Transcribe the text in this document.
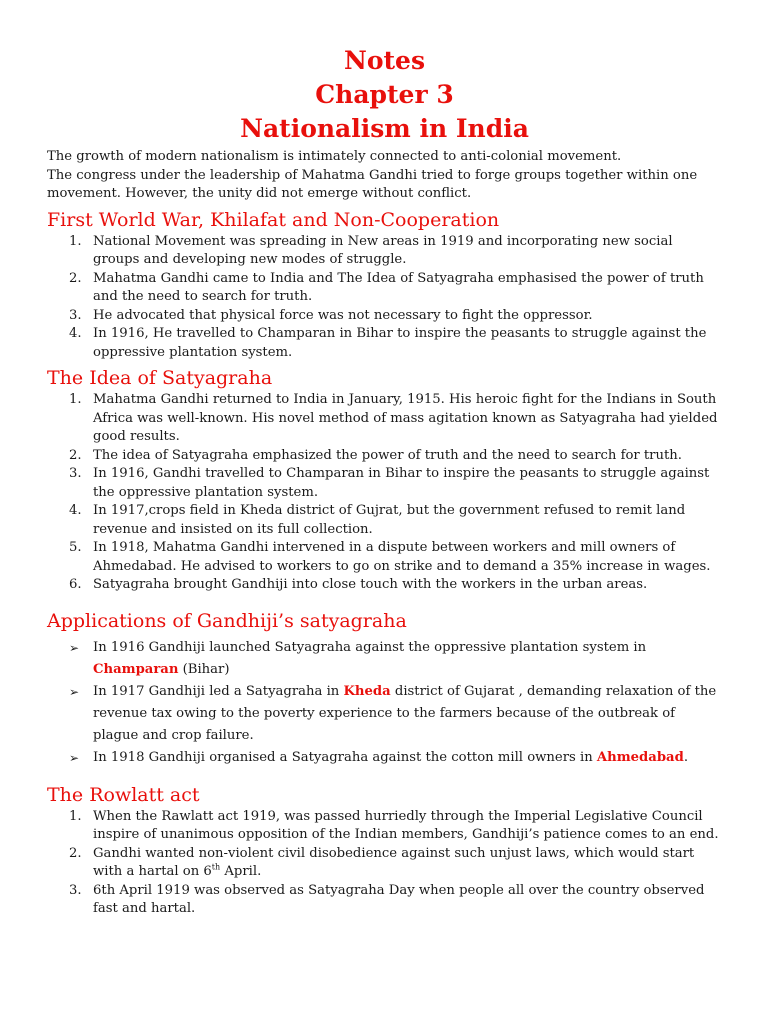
Notes
Chapter 3
Nationalism in India

The growth of modern nationalism is intimately connected to anti-colonial movement.

The congress under the leadership of Mahatma Gandhi tried to forge groups together within one movement. However, the unity did not emerge without conflict.

First World War, Khilafat and Non-Cooperation
1. National Movement was spreading in New areas in 1919 and incorporating new social groups and developing new modes of struggle.
2. Mahatma Gandhi came to India and The Idea of Satyagraha emphasised the power of truth and the need to search for truth.
3. He advocated that physical force was not necessary to fight the oppressor.
4. In 1916, He travelled to Champaran in Bihar to inspire the peasants to struggle against the oppressive plantation system.
The Idea of Satyagraha
1. Mahatma Gandhi returned to India in January, 1915. His heroic fight for the Indians in South Africa was well-known. His novel method of mass agitation known as Satyagraha had yielded good results.
2. The idea of Satyagraha emphasized the power of truth and the need to search for truth.
3. In 1916, Gandhi travelled to Champaran in Bihar to inspire the peasants to struggle against the oppressive plantation system.
4. In 1917,crops field in Kheda district of Gujrat, but the government refused to remit land revenue and insisted on its full collection.
5. In 1918, Mahatma Gandhi intervened in a dispute between workers and mill owners of Ahmedabad. He advised to workers to go on strike and to demand a 35% increase in wages.
6. Satyagraha brought Gandhiji into close touch with the workers in the urban areas.
Applications of Gandhiji’s satyagraha
➢ In 1916 Gandhiji launched Satyagraha against the oppressive plantation system in Champaran (Bihar)
➢ In 1917 Gandhiji led a Satyagraha in Kheda district of Gujarat , demanding relaxation of the revenue tax owing to the poverty experience to the farmers because of the outbreak of plague and crop failure.
➢ In 1918 Gandhiji organised a Satyagraha against the cotton mill owners in Ahmedabad.
The Rowlatt act
1. When the Rawlatt act 1919, was passed hurriedly through the Imperial Legislative Council inspire of unanimous opposition of the Indian members, Gandhiji’s patience comes to an end.
2. Gandhi wanted non-violent civil disobedience against such unjust laws, which would start with a hartal on 6th April.
3. 6th April 1919 was observed as Satyagraha Day when people all over the country observed fast and hartal.
